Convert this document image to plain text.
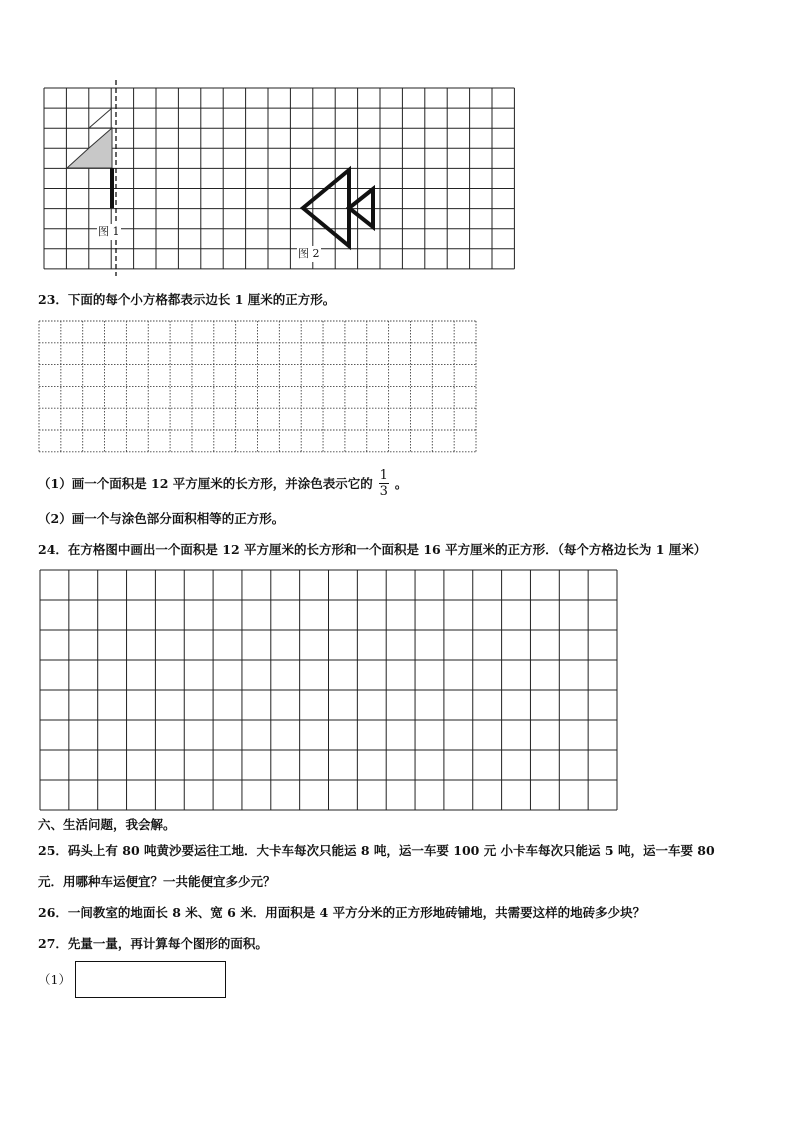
图 1
图 2
23．下面的每个小方格都表示边长 1 厘米的正方形。
（1）画一个面积是 12 平方厘米的长方形，并涂色表示它的 $\frac{1}{3}$ 。
（2）画一个与涂色部分面积相等的正方形。
24．在方格图中画出一个面积是 12 平方厘米的长方形和一个面积是 16 平方厘米的正方形．（每个方格边长为 1 厘米）
六、生活问题，我会解。
25．码头上有 80 吨黄沙要运往工地．大卡车每次只能运 8 吨，运一车要 100 元 小卡车每次只能运 5 吨，运一车要 80
元．用哪种车运便宜？一共能便宜多少元？
26．一间教室的地面长 8 米、宽 6 米．用面积是 4 平方分米的正方形地砖铺地，共需要这样的地砖多少块？
27．先量一量，再计算每个图形的面积。
（1）
